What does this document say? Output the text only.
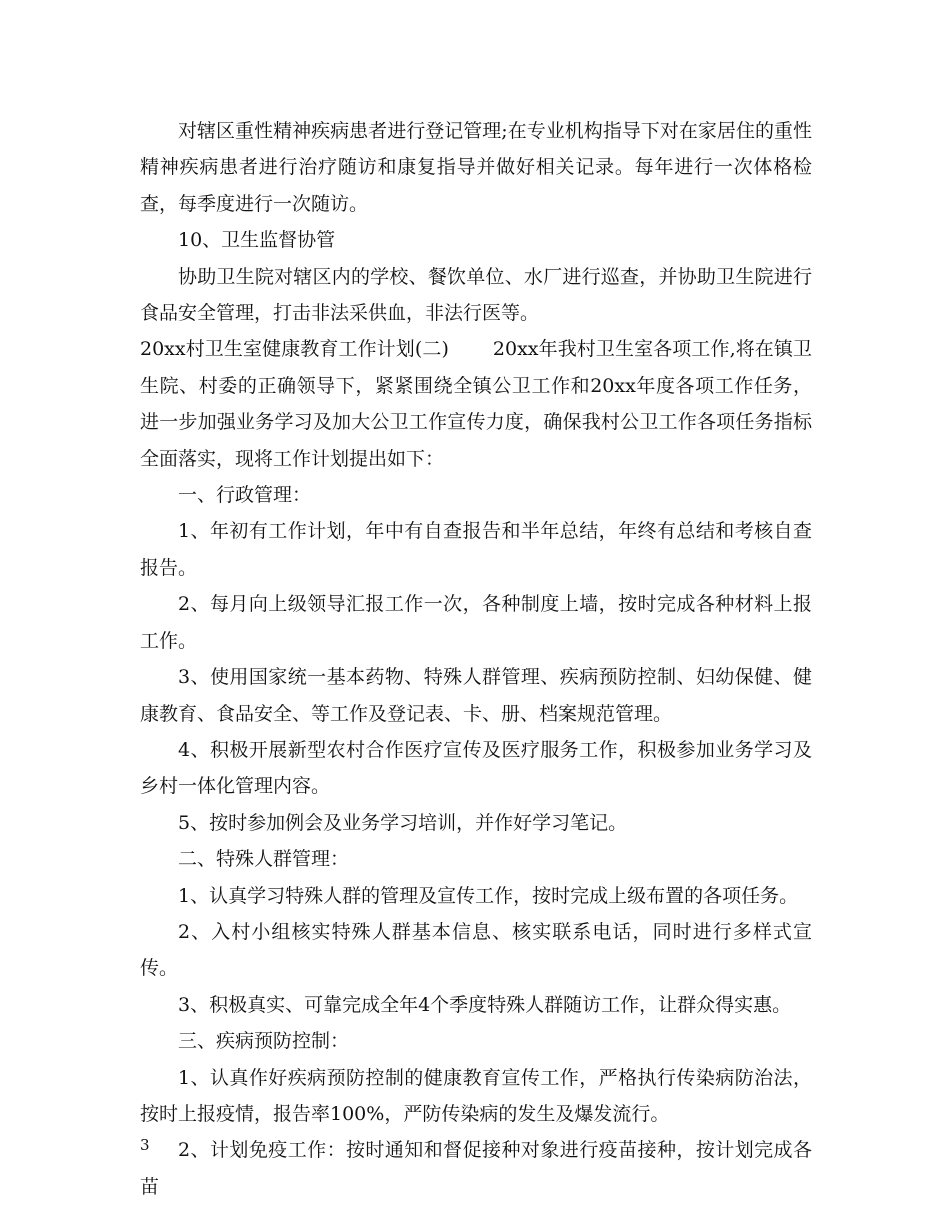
对辖区重性精神疾病患者进行登记管理;在专业机构指导下对在家居住的重性精神疾病患者进行治疗随访和康复指导并做好相关记录。每年进行一次体格检查，每季度进行一次随访。

10、卫生监督协管

协助卫生院对辖区内的学校、餐饮单位、水厂进行巡查，并协助卫生院进行食品安全管理，打击非法采供血，非法行医等。

20xx村卫生室健康教育工作计划(二) 20xx年我村卫生室各项工作,将在镇卫生院、村委的正确领导下，紧紧围绕全镇公卫工作和20xx年度各项工作任务，进一步加强业务学习及加大公卫工作宣传力度，确保我村公卫工作各项任务指标全面落实，现将工作计划提出如下：

一、行政管理：

1、年初有工作计划，年中有自查报告和半年总结，年终有总结和考核自查报告。

2、每月向上级领导汇报工作一次，各种制度上墙，按时完成各种材料上报工作。

3、使用国家统一基本药物、特殊人群管理、疾病预防控制、妇幼保健、健康教育、食品安全、等工作及登记表、卡、册、档案规范管理。

4、积极开展新型农村合作医疗宣传及医疗服务工作，积极参加业务学习及乡村一体化管理内容。

5、按时参加例会及业务学习培训，并作好学习笔记。

二、特殊人群管理：

1、认真学习特殊人群的管理及宣传工作，按时完成上级布置的各项任务。

2、入村小组核实特殊人群基本信息、核实联系电话，同时进行多样式宣传。

3、积极真实、可靠完成全年4个季度特殊人群随访工作，让群众得实惠。

三、疾病预防控制：

1、认真作好疾病预防控制的健康教育宣传工作，严格执行传染病防治法，按时上报疫情，报告率100%，严防传染病的发生及爆发流行。

2、计划免疫工作：按时通知和督促接种对象进行疫苗接种，按计划完成各苗

3
